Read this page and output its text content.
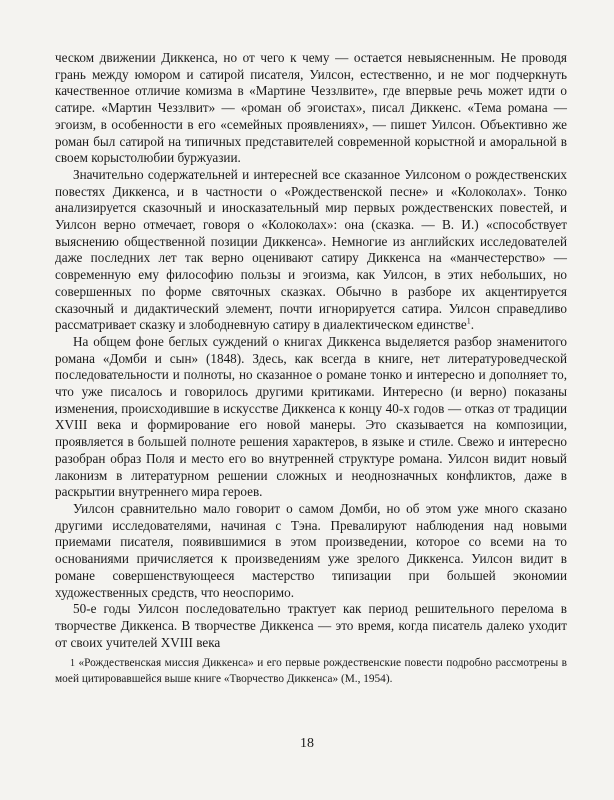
ческом движении Диккенса, но от чего к чему — остается невыясненным. Не проводя грань между юмором и сатирой писателя, Уилсон, естественно, и не мог подчеркнуть качественное отличие комизма в «Мартине Чеззлвите», где впервые речь может идти о сатире. «Мартин Чеззлвит» — «роман об эгоистах», писал Диккенс. «Тема романа — эгоизм, в особенности в его «семейных проявлениях», — пишет Уилсон. Объективно же роман был сатирой на типичных представителей современной корыстной и аморальной в своем корыстолюбии буржуазии.

Значительно содержательней и интересней все сказанное Уилсоном о рождественских повестях Диккенса, и в частности о «Рождественской песне» и «Колоколах». Тонко анализируется сказочный и иносказательный мир первых рождественских повестей, и Уилсон верно отмечает, говоря о «Колоколах»: она (сказка. — В. И.) «способствует выяснению общественной позиции Диккенса». Немногие из английских исследователей даже последних лет так верно оценивают сатиру Диккенса на «манчестерство» — современную ему философию пользы и эгоизма, как Уилсон, в этих небольших, но совершенных по форме святочных сказках. Обычно в разборе их акцентируется сказочный и дидактический элемент, почти игнорируется сатира. Уилсон справедливо рассматривает сказку и злободневную сатиру в диалектическом единстве$^1$.

На общем фоне беглых суждений о книгах Диккенса выделяется разбор знаменитого романа «Домби и сын» (1848). Здесь, как всегда в книге, нет литературоведческой последовательности и полноты, но сказанное о романе тонко и интересно и дополняет то, что уже писалось и говорилось другими критиками. Интересно (и верно) показаны изменения, происходившие в искусстве Диккенса к концу 40-х годов — отказ от традиции XVIII века и формирование его новой манеры. Это сказывается на композиции, проявляется в большей полноте решения характеров, в языке и стиле. Свежо и интересно разобран образ Поля и место его во внутренней структуре романа. Уилсон видит новый лаконизм в литературном решении сложных и неоднозначных конфликтов, даже в раскрытии внутреннего мира героев.

Уилсон сравнительно мало говорит о самом Домби, но об этом уже много сказано другими исследователями, начиная с Тэна. Превалируют наблюдения над новыми приемами писателя, появившимися в этом произведении, которое со всеми на то основаниями причисляется к произведениям уже зрелого Диккенса. Уилсон видит в романе совершенствующееся мастерство типизации при большей экономии художественных средств, что неоспоримо.

50-е годы Уилсон последовательно трактует как период решительного перелома в творчестве Диккенса. В творчестве Диккенса — это время, когда писатель далеко уходит от своих учителей XVIII века

1 «Рождественская миссия Диккенса» и его первые рождественские повести подробно рассмотрены в моей цитировавшейся выше книге «Творчество Диккенса» (М., 1954).

18
